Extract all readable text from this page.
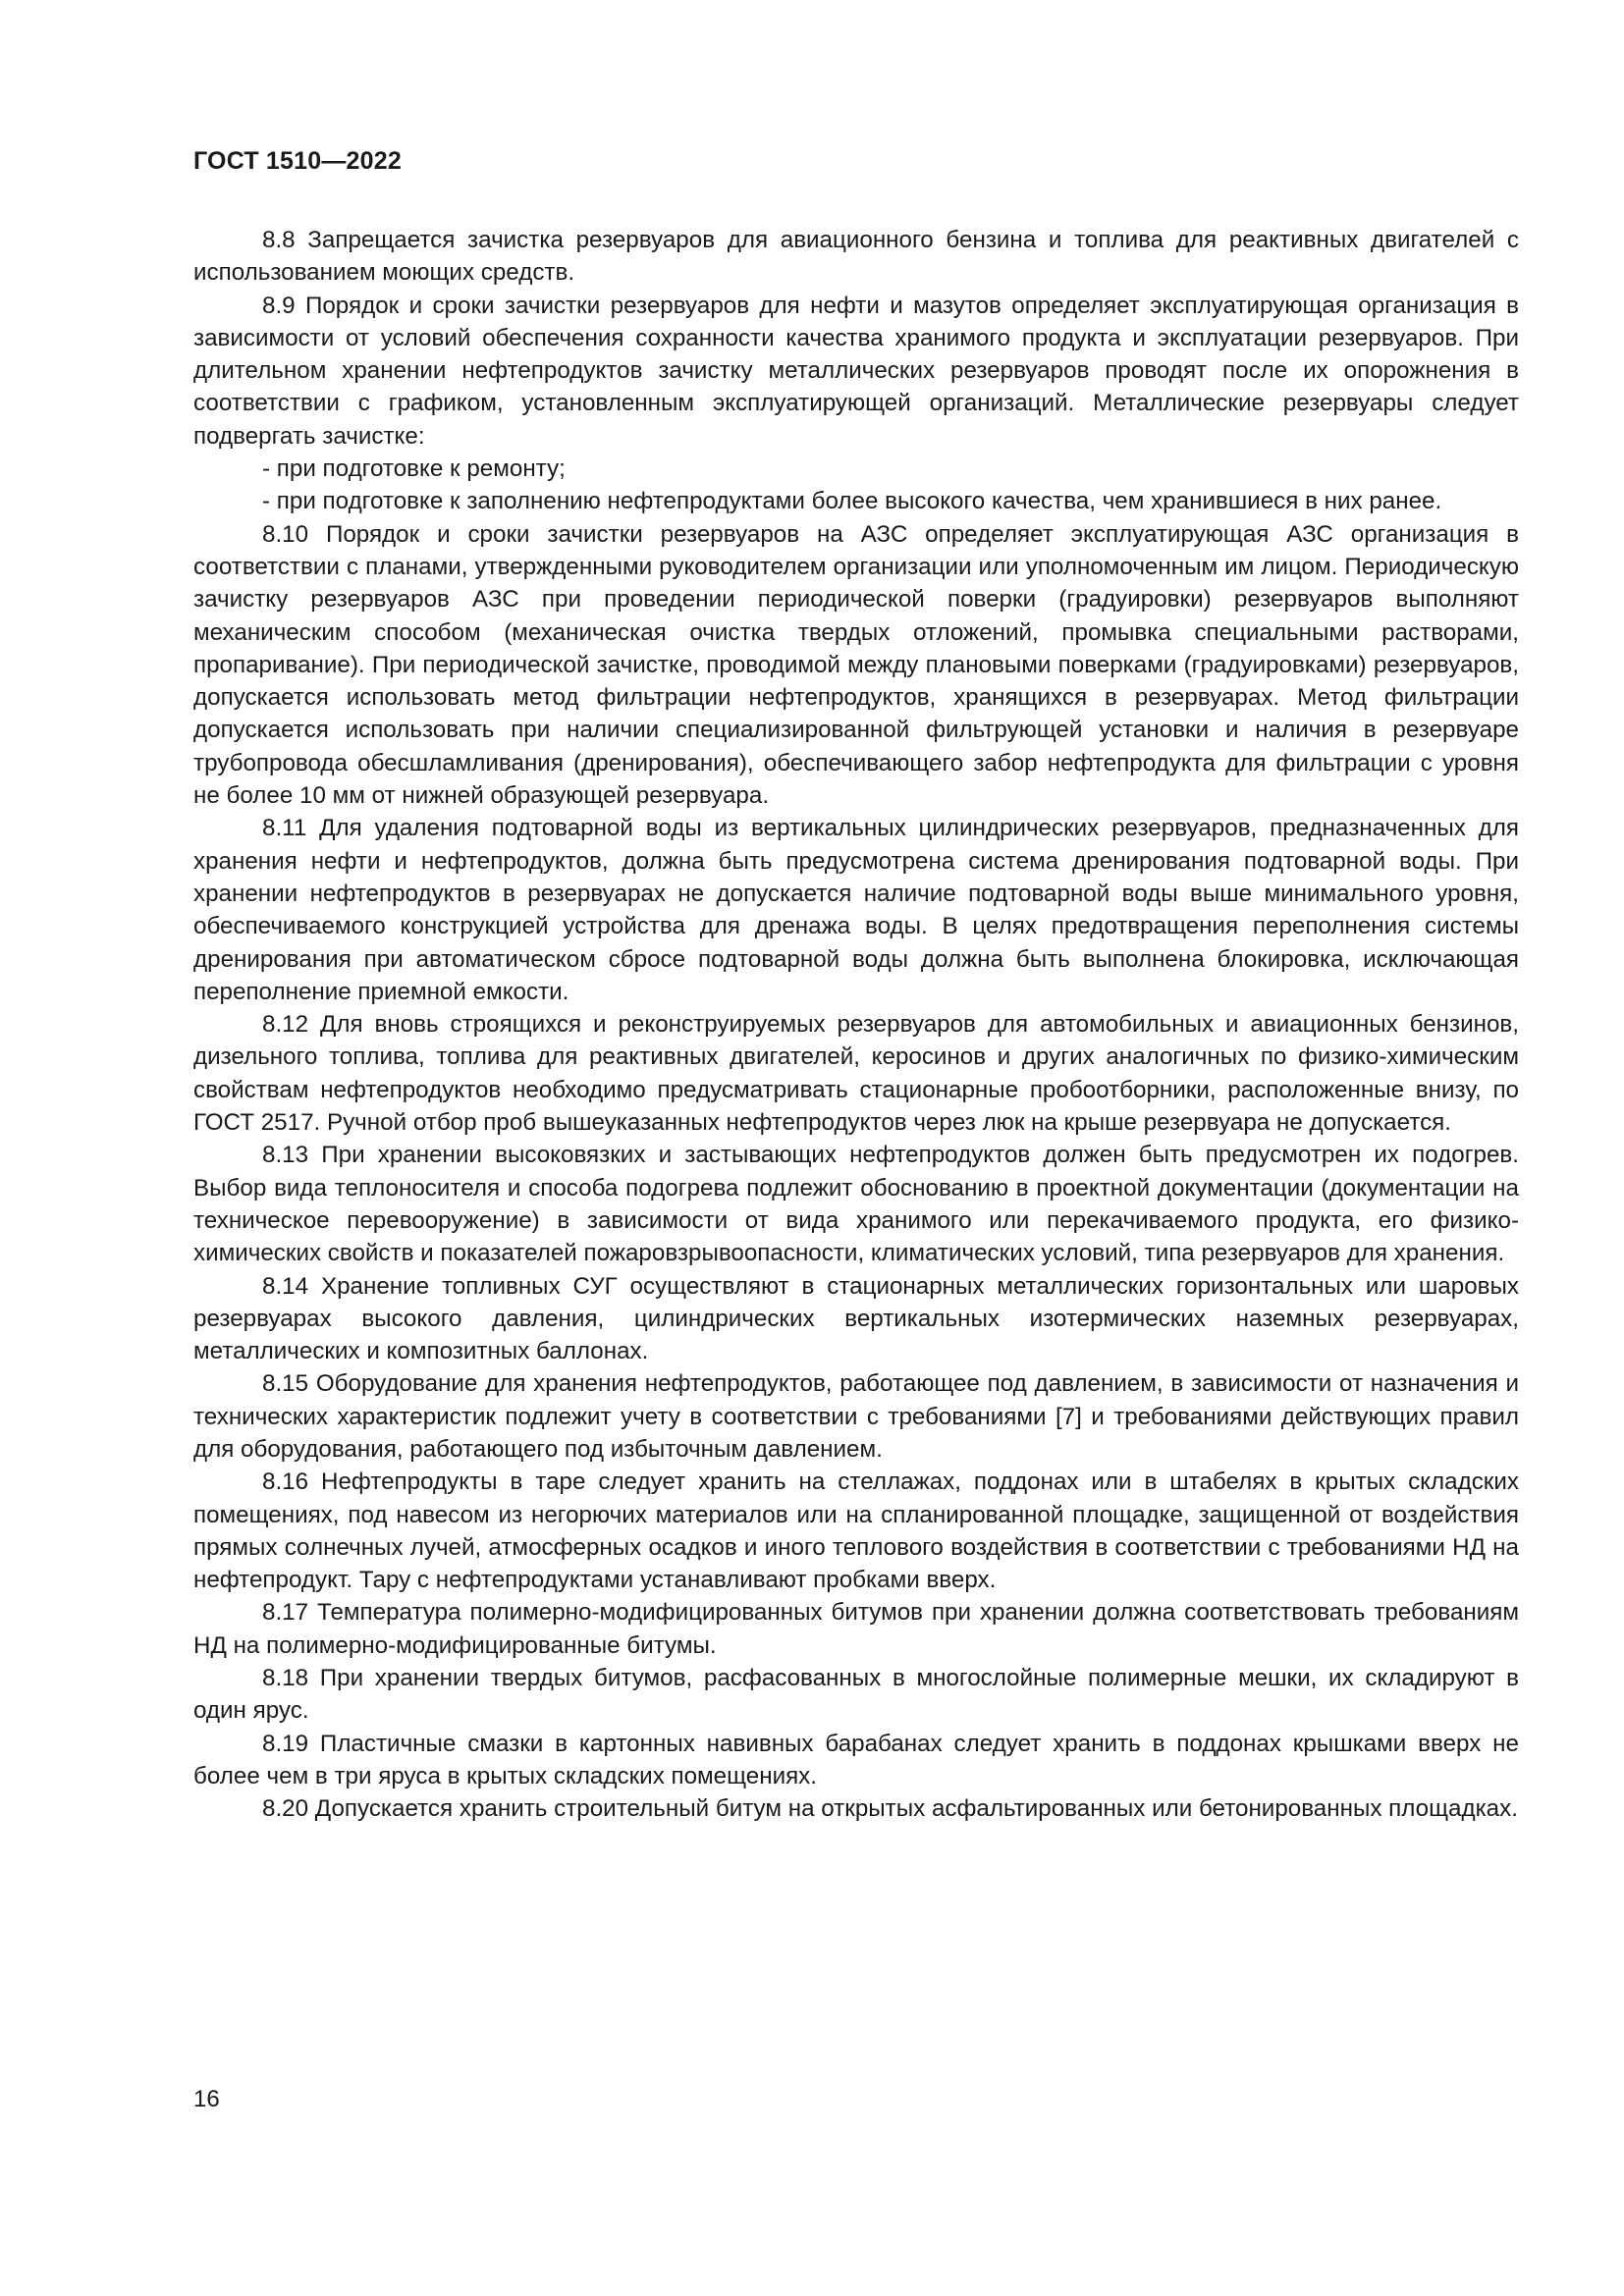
ГОСТ 1510—2022

8.8 Запрещается зачистка резервуаров для авиационного бензина и топлива для реактивных двигателей с использованием моющих средств.

8.9 Порядок и сроки зачистки резервуаров для нефти и мазутов определяет эксплуатирующая организация в зависимости от условий обеспечения сохранности качества хранимого продукта и эксплуатации резервуаров. При длительном хранении нефтепродуктов зачистку металлических резервуаров проводят после их опорожнения в соответствии с графиком, установленным эксплуатирующей организаций. Металлические резервуары следует подвергать зачистке:

- при подготовке к ремонту;

- при подготовке к заполнению нефтепродуктами более высокого качества, чем хранившиеся в них ранее.

8.10 Порядок и сроки зачистки резервуаров на АЗС определяет эксплуатирующая АЗС организация в соответствии с планами, утвержденными руководителем организации или уполномоченным им лицом. Периодическую зачистку резервуаров АЗС при проведении периодической поверки (градуировки) резервуаров выполняют механическим способом (механическая очистка твердых отложений, промывка специальными растворами, пропаривание). При периодической зачистке, проводимой между плановыми поверками (градуировками) резервуаров, допускается использовать метод фильтрации нефтепродуктов, хранящихся в резервуарах. Метод фильтрации допускается использовать при наличии специализированной фильтрующей установки и наличия в резервуаре трубопровода обесшламливания (дренирования), обеспечивающего забор нефтепродукта для фильтрации с уровня не более 10 мм от нижней образующей резервуара.

8.11 Для удаления подтоварной воды из вертикальных цилиндрических резервуаров, предназначенных для хранения нефти и нефтепродуктов, должна быть предусмотрена система дренирования подтоварной воды. При хранении нефтепродуктов в резервуарах не допускается наличие подтоварной воды выше минимального уровня, обеспечиваемого конструкцией устройства для дренажа воды. В целях предотвращения переполнения системы дренирования при автоматическом сбросе подтоварной воды должна быть выполнена блокировка, исключающая переполнение приемной емкости.

8.12 Для вновь строящихся и реконструируемых резервуаров для автомобильных и авиационных бензинов, дизельного топлива, топлива для реактивных двигателей, керосинов и других аналогичных по физико-химическим свойствам нефтепродуктов необходимо предусматривать стационарные пробоотборники, расположенные внизу, по ГОСТ 2517. Ручной отбор проб вышеуказанных нефтепродуктов через люк на крыше резервуара не допускается.

8.13 При хранении высоковязких и застывающих нефтепродуктов должен быть предусмотрен их подогрев. Выбор вида теплоносителя и способа подогрева подлежит обоснованию в проектной документации (документации на техническое перевооружение) в зависимости от вида хранимого или перекачиваемого продукта, его физико-химических свойств и показателей пожаровзрывоопасности, климатических условий, типа резервуаров для хранения.

8.14 Хранение топливных СУГ осуществляют в стационарных металлических горизонтальных или шаровых резервуарах высокого давления, цилиндрических вертикальных изотермических наземных резервуарах, металлических и композитных баллонах.

8.15 Оборудование для хранения нефтепродуктов, работающее под давлением, в зависимости от назначения и технических характеристик подлежит учету в соответствии с требованиями [7] и требованиями действующих правил для оборудования, работающего под избыточным давлением.

8.16 Нефтепродукты в таре следует хранить на стеллажах, поддонах или в штабелях в крытых складских помещениях, под навесом из негорючих материалов или на спланированной площадке, защищенной от воздействия прямых солнечных лучей, атмосферных осадков и иного теплового воздействия в соответствии с требованиями НД на нефтепродукт. Тару с нефтепродуктами устанавливают пробками вверх.

8.17 Температура полимерно-модифицированных битумов при хранении должна соответствовать требованиям НД на полимерно-модифицированные битумы.

8.18 При хранении твердых битумов, расфасованных в многослойные полимерные мешки, их складируют в один ярус.

8.19 Пластичные смазки в картонных навивных барабанах следует хранить в поддонах крышками вверх не более чем в три яруса в крытых складских помещениях.

8.20 Допускается хранить строительный битум на открытых асфальтированных или бетонированных площадках.

16
